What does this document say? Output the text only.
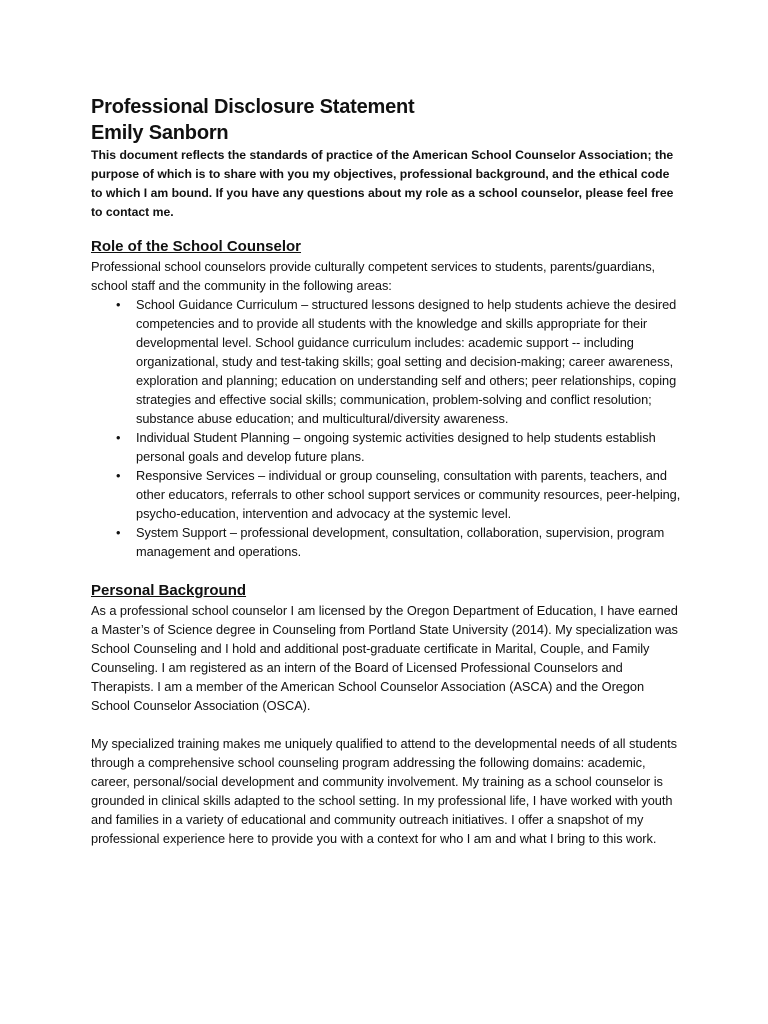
Professional Disclosure Statement
Emily Sanborn

This document reflects the standards of practice of the American School Counselor Association; the purpose of which is to share with you my objectives, professional background, and the ethical code to which I am bound. If you have any questions about my role as a school counselor, please feel free to contact me.

Role of the School Counselor

Professional school counselors provide culturally competent services to students, parents/guardians, school staff and the community in the following areas:

•	School Guidance Curriculum – structured lessons designed to help students achieve the desired competencies and to provide all students with the knowledge and skills appropriate for their developmental level. School guidance curriculum includes: academic support -- including organizational, study and test-taking skills; goal setting and decision-making; career awareness, exploration and planning; education on understanding self and others; peer relationships, coping strategies and effective social skills; communication, problem-solving and conflict resolution; substance abuse education; and multicultural/diversity awareness.
•	Individual Student Planning – ongoing systemic activities designed to help students establish personal goals and develop future plans.
•	Responsive Services – individual or group counseling, consultation with parents, teachers, and other educators, referrals to other school support services or community resources, peer-helping, psycho-education, intervention and advocacy at the systemic level.
•	System Support – professional development, consultation, collaboration, supervision, program management and operations.
Personal Background

As a professional school counselor I am licensed by the Oregon Department of Education, I have earned a Master’s of Science degree in Counseling from Portland State University (2014). My specialization was School Counseling and I hold and additional post-graduate certificate in Marital, Couple, and Family Counseling. I am registered as an intern of the Board of Licensed Professional Counselors and Therapists. I am a member of the American School Counselor Association (ASCA) and the Oregon School Counselor Association (OSCA).

My specialized training makes me uniquely qualified to attend to the developmental needs of all students through a comprehensive school counseling program addressing the following domains: academic, career, personal/social development and community involvement. My training as a school counselor is grounded in clinical skills adapted to the school setting. In my professional life, I have worked with youth and families in a variety of educational and community outreach initiatives. I offer a snapshot of my professional experience here to provide you with a context for who I am and what I bring to this work.
